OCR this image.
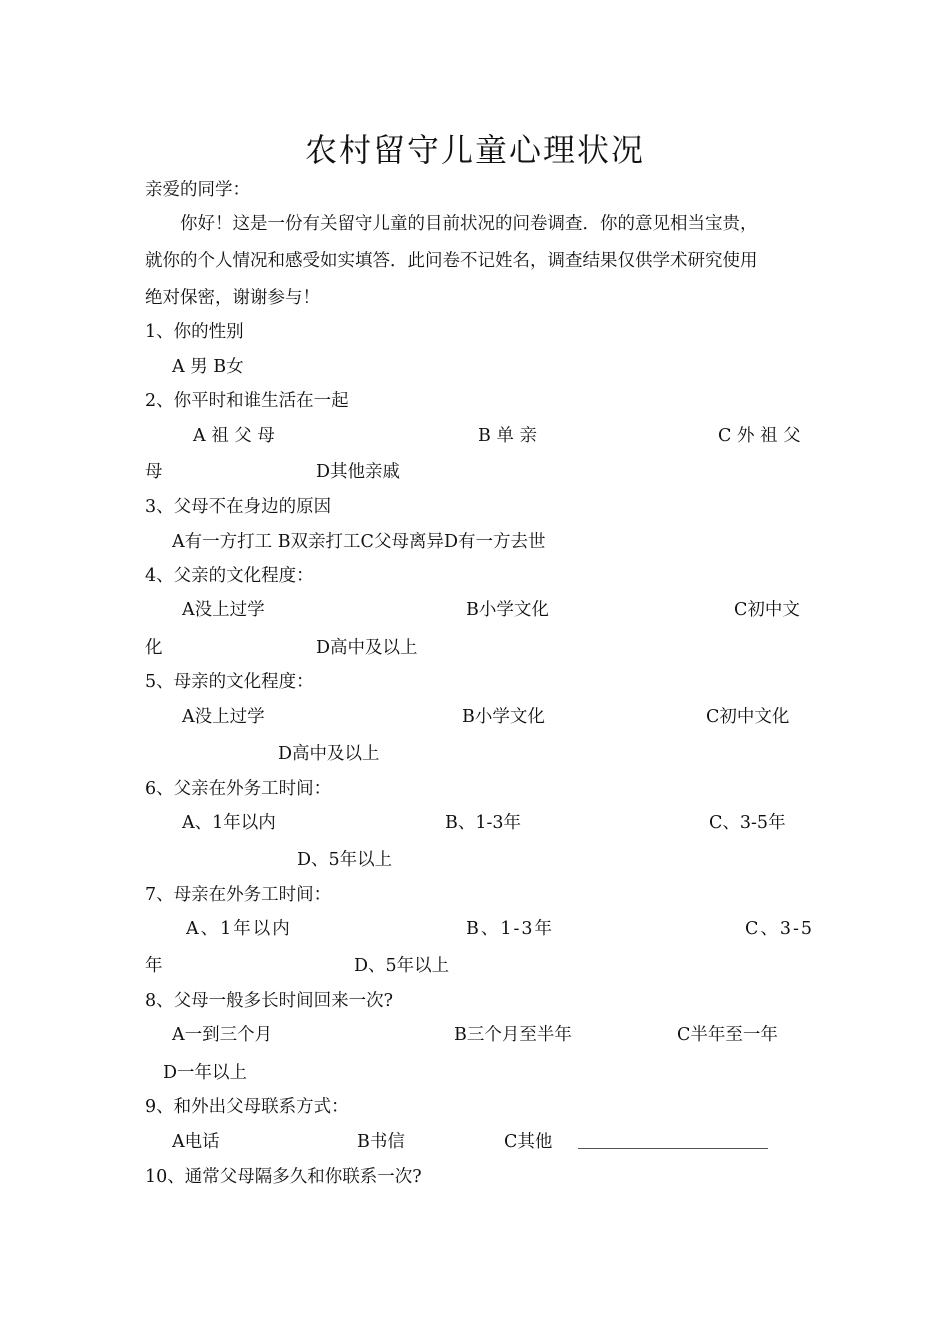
农村留守儿童心理状况
亲爱的同学：
你好！这是一份有关留守儿童的目前状况的问卷调查．你的意见相当宝贵，
就你的个人情况和感受如实填答．此问卷不记姓名，调查结果仅供学术研究使用
绝对保密，谢谢参与！
1、你的性别
A 男 B女
2、你平时和谁生活在一起
A 祖 父 母	B 单 亲	C 外 祖 父
母	D其他亲戚
3、父母不在身边的原因
A有一方打工 B双亲打工C父母离异D有一方去世
4、父亲的文化程度：
A没上过学	B小学文化	C初中文
化	D高中及以上
5、母亲的文化程度：
A没上过学	B小学文化	C初中文化
D高中及以上
6、父亲在外务工时间：
A、1年以内	B、1-3年	C、3-5年
D、5年以上
7、母亲在外务工时间：
A、1年以内	B、1-3年	C、3-5
年	D、5年以上
8、父母一般多长时间回来一次?
A一到三个月	B三个月至半年	C半年至一年
D一年以上
9、和外出父母联系方式：
A电话	B书信	C其他
10、通常父母隔多久和你联系一次?
